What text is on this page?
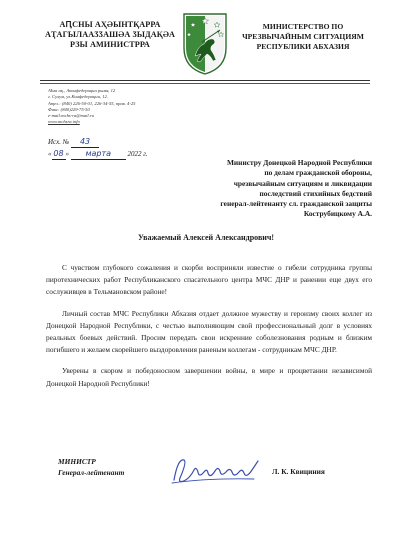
АԤСНЫ АҲӘЫНТҚАРРА
АҬАГЫЛААӠӠАШӘА ӠЫДАҚӘА
РЗЫ АМИНИСТРРА
МИНИСТЕРСТВО ПО
ЧРЕЗВЫЧАЙНЫМ СИТУАЦИЯМ
РЕСПУБЛИКИ АБХАЗИЯ
Аҟәа ақ., Аконфедерациа рымҩ, 12
г. Сухум, ул.Конфедерации, 12.
Аҭел.: (840) 226-50-01, 226-34-55, прав. 4-25
Факс: (840)229-75-50
e-mail:mchs-ra@mail.ru
www.mchsra.info
Исх. № 43
« 08 » марта 2022 г.
Министру Донецкой Народной Республики
по делам гражданской обороны,
чрезвычайным ситуациям и ликвидации
последствий стихийных бедствий
генерал-лейтенанту сл. гражданской защиты
Кострубицкому А.А.
Уважаемый Алексей Александрович!

С чувством глубокого сожаления и скорби восприняли известие о гибели сотрудника группы пиротехнических работ Республиканского спасательного центра МЧС ДНР и ранении еще двух его сослуживцев в Тельмановском районе!

Личный состав МЧС Республики Абхазия отдает должное мужеству и героизму своих коллег из Донецкой Народной Республики, с честью выполняющим свой профессиональный долг в условиях реальных боевых действий. Просим передать свои искренние соболезнования родным и близким погибшего и желаем скорейшего выздоровления раненым коллегам - сотрудникам МЧС ДНР.

Уверены в скором и победоносном завершении войны, в мире и процветании независимой Донецкой Народной Республики!

МИНИСТР
Генерал-лейтенант	Л. К. Квициния
